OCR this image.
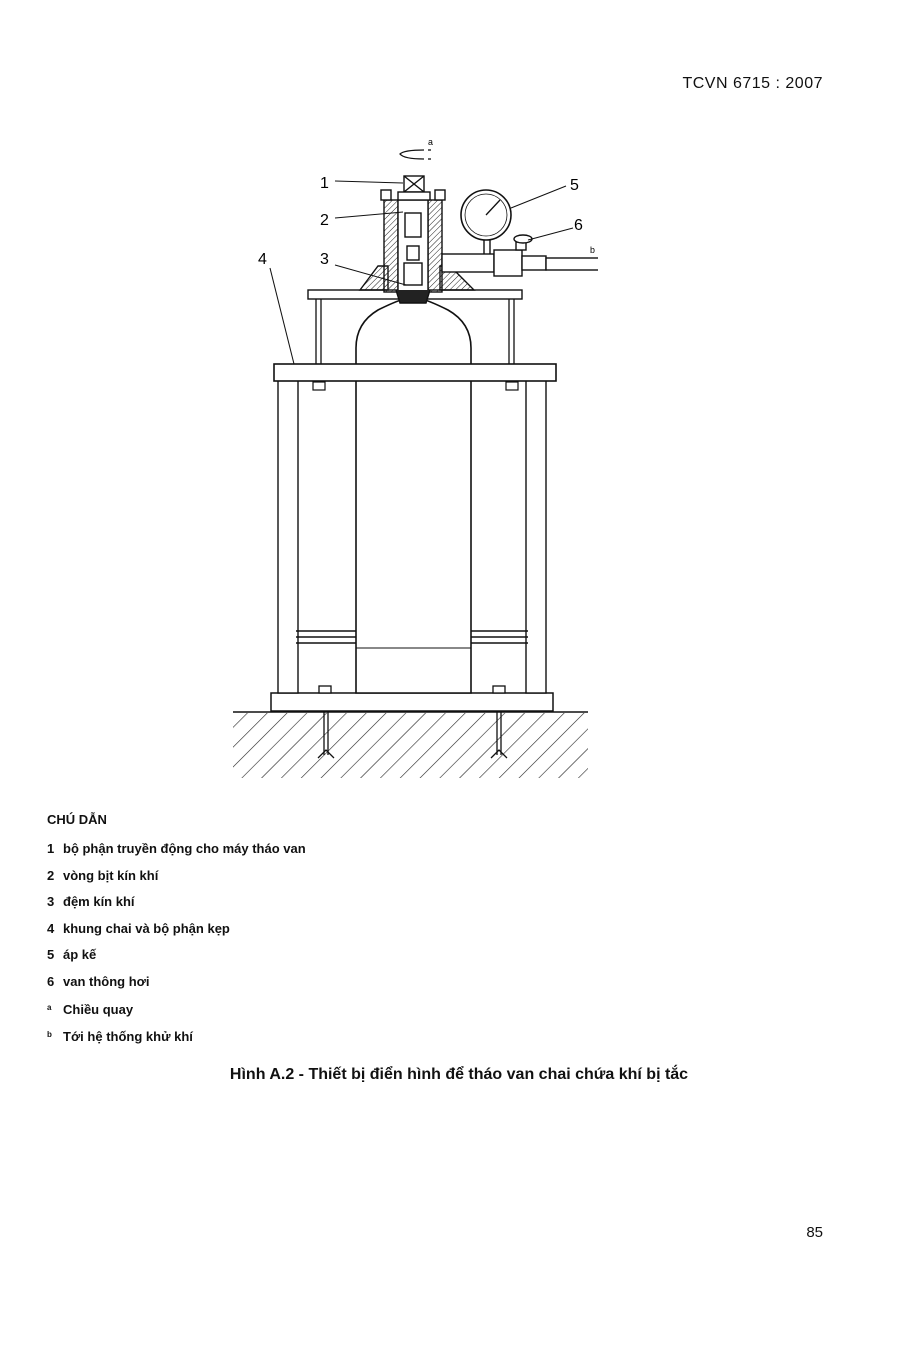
TCVN 6715 : 2007
1
2
3
4
5
6
ᵃ
ᵇ
CHÚ DẪN
1 bộ phận truyền động cho máy tháo van
2 vòng bịt kín khí
3 đệm kín khí
4 khung chai và bộ phận kẹp
5 áp kế
6 van thông hơi
a Chiều quay
b Tới hệ thống khử khí
Hình A.2 - Thiết bị điển hình để tháo van chai chứa khí bị tắc
85
